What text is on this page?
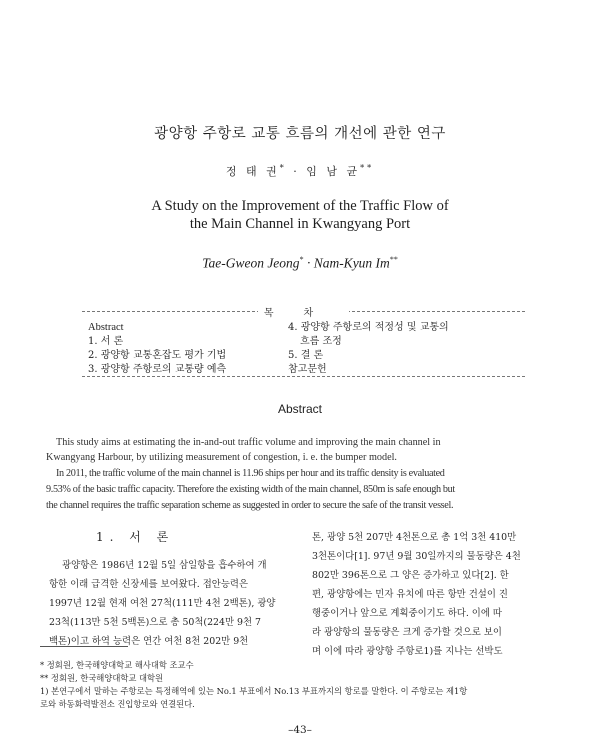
광양항 주항로 교통 흐름의 개선에 관한 연구
정 태 권* · 임 남 균**
A Study on the Improvement of the Traffic Flow of
the Main Channel in Kwangyang Port
Tae-Gweon Jeong* · Nam-Kyun Im**
목차
Abstract
1. 서 론
2. 광양항 교통혼잡도 평가 기법
3. 광양항 주항로의 교통량 예측
4. 광양항 주항로의 적정성 및 교통의
흐름 조정
5. 결 론
참고문헌
Abstract
This study aims at estimating the in-and-out traffic volume and improving the main channel in
Kwangyang Harbour, by utilizing measurement of congestion, i. e. the bumper model.
In 2011, the traffic volume of the main channel is 11.96 ships per hour and its traffic density is evaluated
9.53% of the basic traffic capacity. Therefore the existing width of the main channel, 850m is safe enough but
the channel requires the traffic separation scheme as suggested in order to secure the safe of the transit vessel.
1. 서 론
광양항은 1986년 12월 5일 삼일항을 흡수하여 개
항한 이래 급격한 신장세를 보여왔다. 접안능력은
1997년 12월 현재 여천 27척(111만 4천 2백톤), 광양
23척(113만 5천 5백톤)으로 총 50척(224만 9천 7
백톤)이고 하역 능력은 연간 여천 8천 202만 9천
톤, 광양 5천 207만 4천톤으로 총 1억 3천 410만
3천톤이다[1]. 97년 9월 30일까지의 물동량은 4천
802만 396톤으로 그 양은 증가하고 있다[2]. 한
편, 광양항에는 민자 유치에 따른 항만 건설이 진
행중이거나 앞으로 계획중이기도 하다. 이에 따
라 광양항의 물동량은 크게 증가할 것으로 보이
며 이에 따라 광양항 주항로1)를 지나는 선박도
* 정회원, 한국해양대학교 해사대학 조교수
** 정회원, 한국해양대학교 대학원
1) 본연구에서 말하는 주항로는 특정해역에 있는 No.1 부표에서 No.13 부표까지의 항로를 말한다. 이 주항로는 제1항
로와 하동화력발전소 진입항로와 연결된다.
–43–
